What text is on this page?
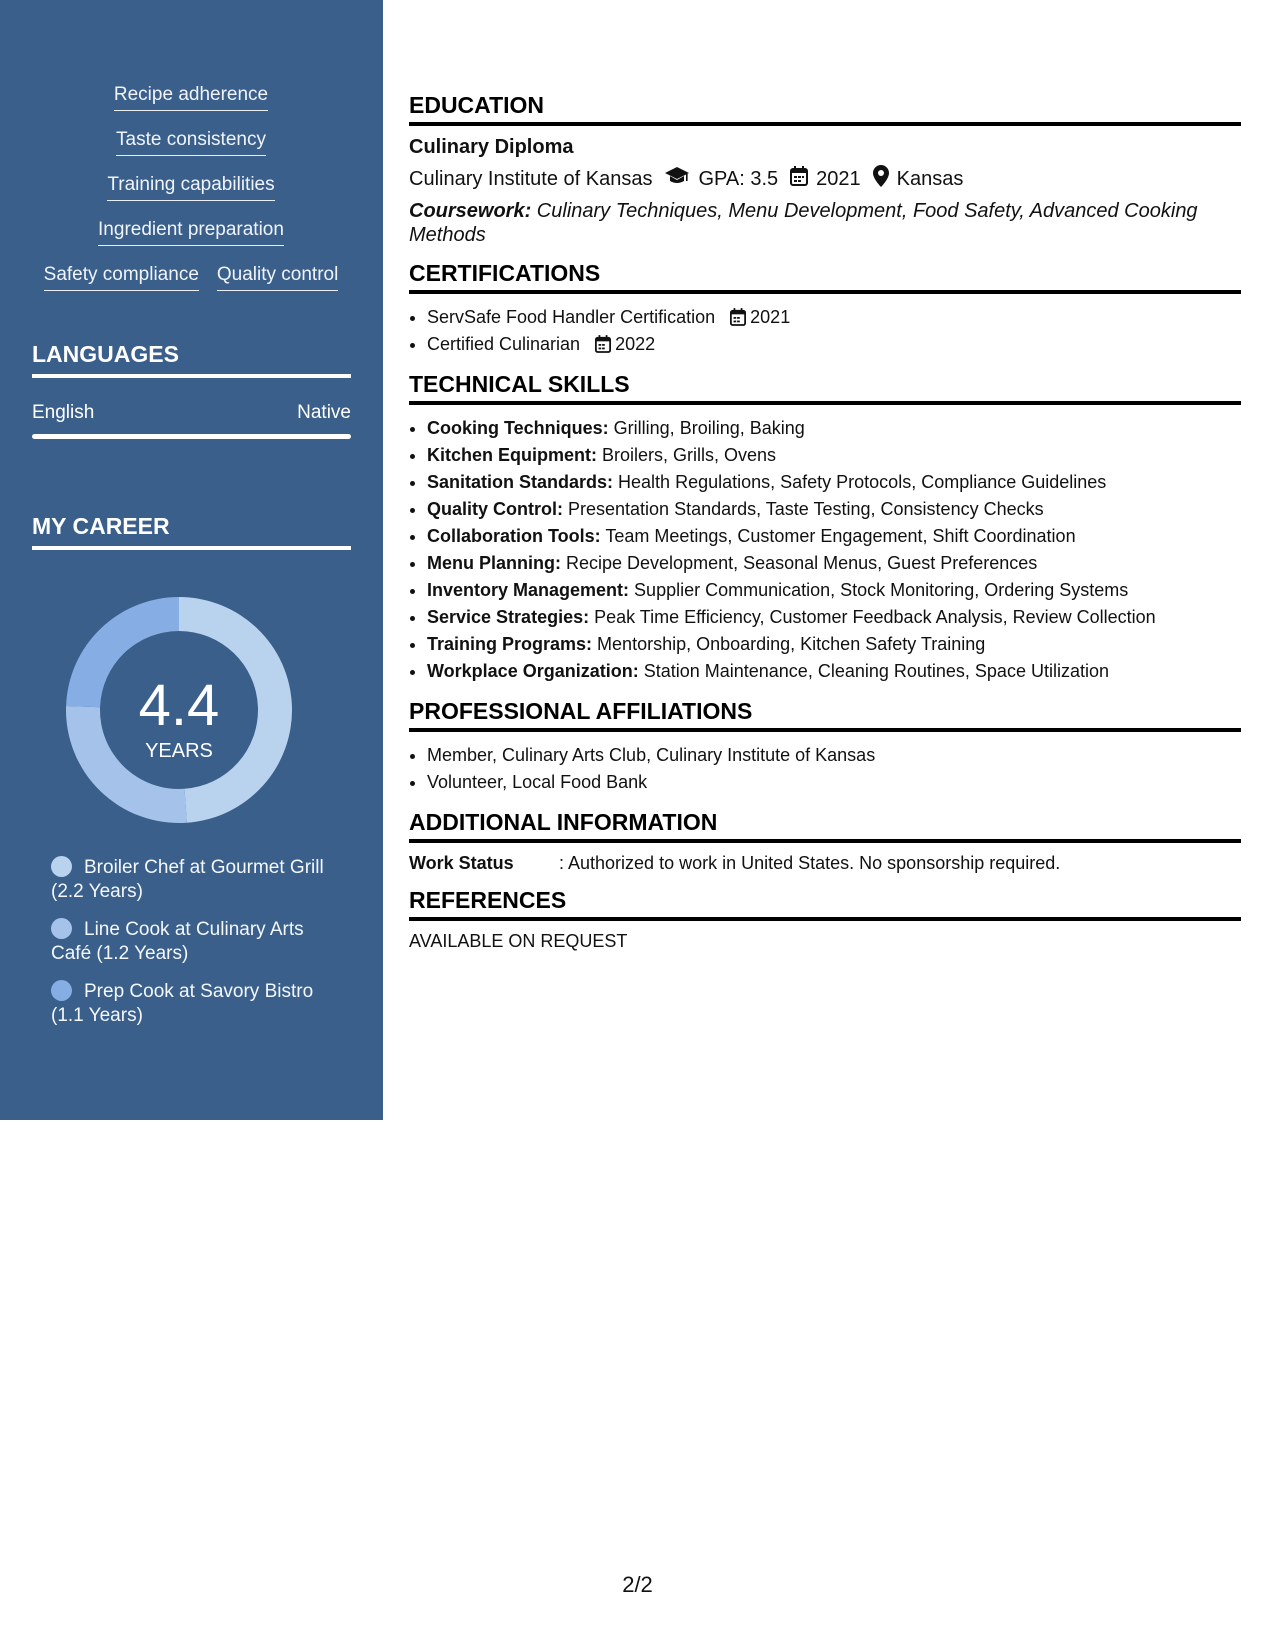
Recipe adherence
Taste consistency
Training capabilities
Ingredient preparation
Safety compliance Quality control
LANGUAGES
English	Native
MY CAREER
4.4
YEARS
Broiler Chef at Gourmet Grill (2.2 Years)
Line Cook at Culinary Arts Café (1.2 Years)
Prep Cook at Savory Bistro (1.1 Years)
EDUCATION
Culinary Diploma
Culinary Institute of Kansas GPA: 3.5 2021 Kansas
Coursework: Culinary Techniques, Menu Development, Food Safety, Advanced Cooking Methods
CERTIFICATIONS
• ServSafe Food Handler Certification 2021
• Certified Culinarian 2022
TECHNICAL SKILLS
• Cooking Techniques: Grilling, Broiling, Baking
• Kitchen Equipment: Broilers, Grills, Ovens
• Sanitation Standards: Health Regulations, Safety Protocols, Compliance Guidelines
• Quality Control: Presentation Standards, Taste Testing, Consistency Checks
• Collaboration Tools: Team Meetings, Customer Engagement, Shift Coordination
• Menu Planning: Recipe Development, Seasonal Menus, Guest Preferences
• Inventory Management: Supplier Communication, Stock Monitoring, Ordering Systems
• Service Strategies: Peak Time Efficiency, Customer Feedback Analysis, Review Collection
• Training Programs: Mentorship, Onboarding, Kitchen Safety Training
• Workplace Organization: Station Maintenance, Cleaning Routines, Space Utilization
PROFESSIONAL AFFILIATIONS
• Member, Culinary Arts Club, Culinary Institute of Kansas
• Volunteer, Local Food Bank
ADDITIONAL INFORMATION
Work Status	: Authorized to work in United States. No sponsorship required.
REFERENCES
AVAILABLE ON REQUEST
2/2
